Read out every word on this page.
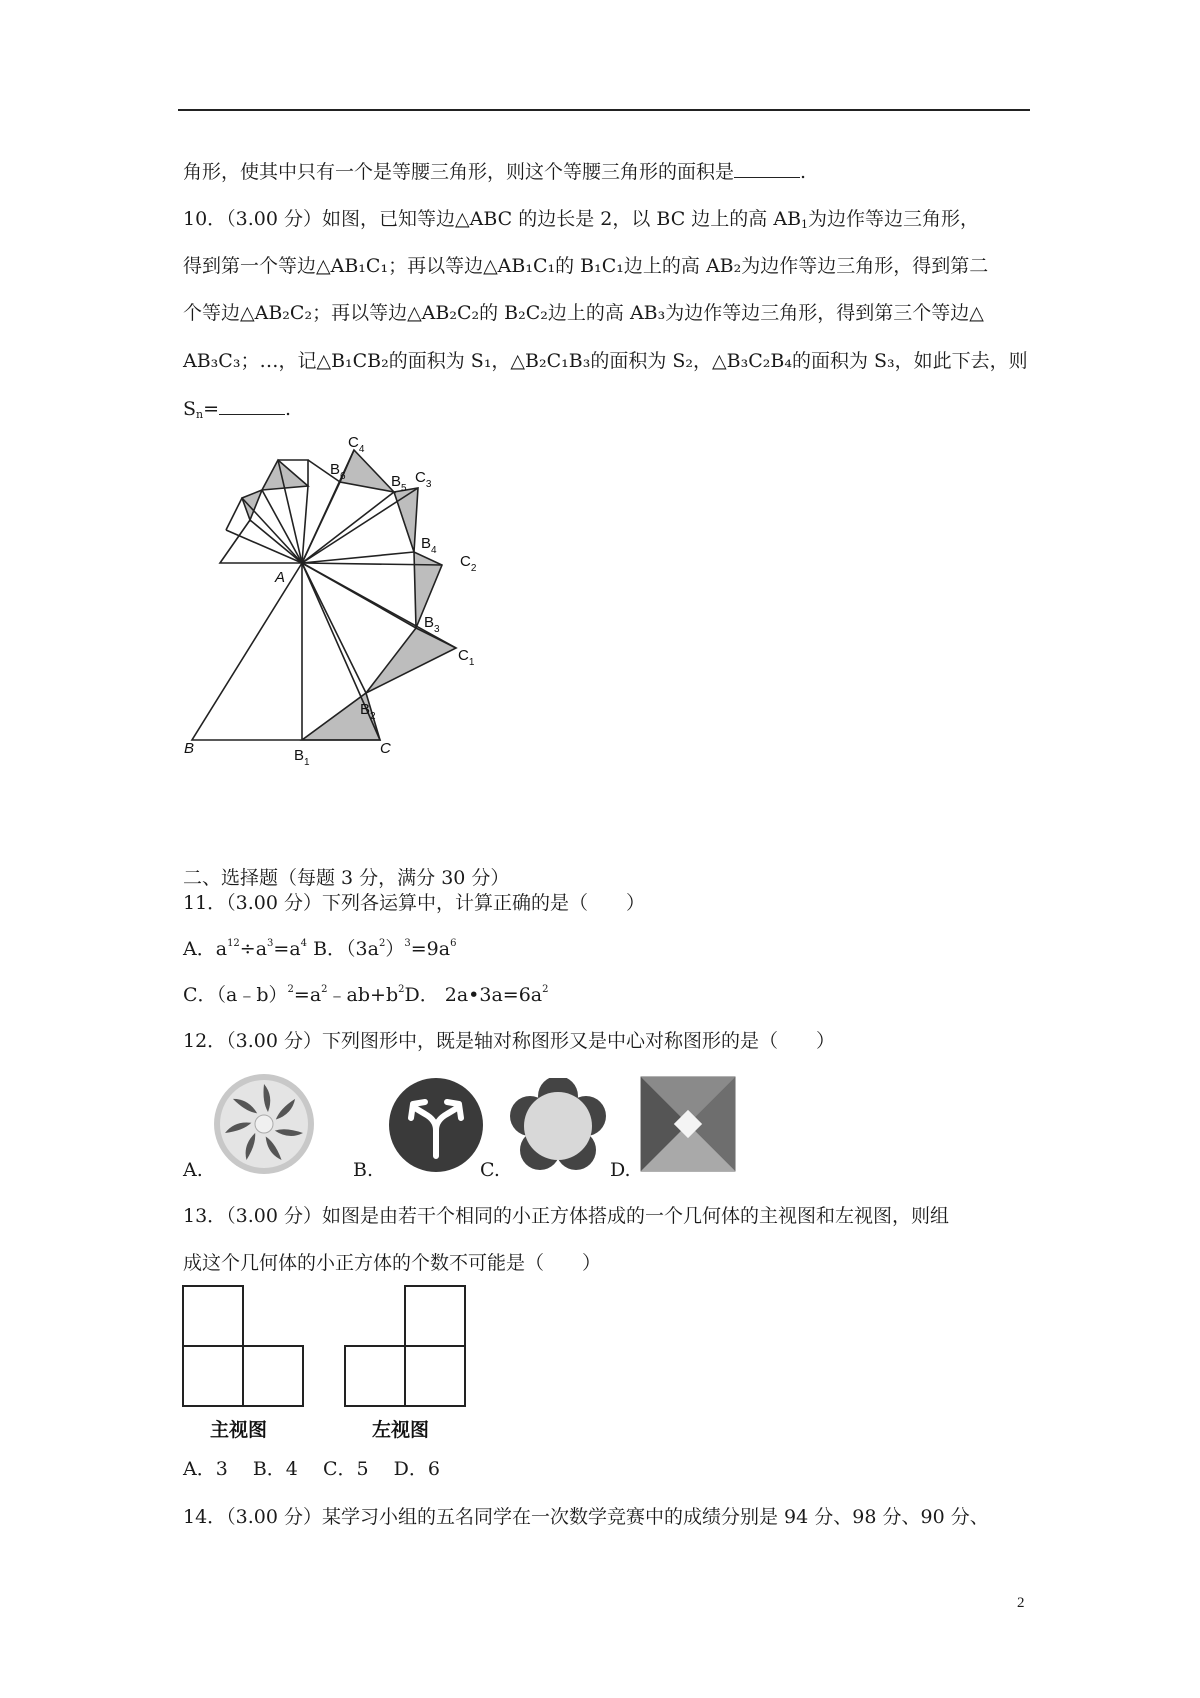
角形，使其中只有一个是等腰三角形，则这个等腰三角形的面积是	.
10．（3.00 分）如图，已知等边△ABC 的边长是 2，以 BC 边上的高 $AB_1$为边作等边三角形，
得到第一个等边△AB₁C₁；再以等边△AB₁C₁的 B₁C₁边上的高 AB₂为边作等边三角形，得到第二
个等边△AB₂C₂；再以等边△AB₂C₂的 B₂C₂边上的高 AB₃为边作等边三角形，得到第三个等边△
AB₃C₃；…，记△B₁CB₂的面积为 S₁，△B₂C₁B₃的面积为 S₂，△B₃C₂B₄的面积为 S₃，如此下去，则
$S_n=$	.
A
B	C
$B_1$
$B_2$
$B_3$
$B_4$
$B_5$
$B_6$
$C_1$
$C_2$
$C_3$
$C_4$
二、选择题（每题 3 分，满分 30 分）
11．（3.00 分）下列各运算中，计算正确的是（　　）
A．$a^{12}\div a^3=a^4$ B．$(3a^2)^3=9a^6$
C．$(a﹣b)^2=a^2﹣ab+b^2D$． $2a•3a=6a^2$
12．（3.00 分）下列图形中，既是轴对称图形又是中心对称图形的是（　　）
A.	B.	C.	D.
13．（3.00 分）如图是由若干个相同的小正方体搭成的一个几何体的主视图和左视图，则组
成这个几何体的小正方体的个数不可能是（　　）
主视图	左视图
A．3　 B．4　 C．5　 D．6
14．（3.00 分）某学习小组的五名同学在一次数学竞赛中的成绩分别是 94 分、98 分、90 分、
2
